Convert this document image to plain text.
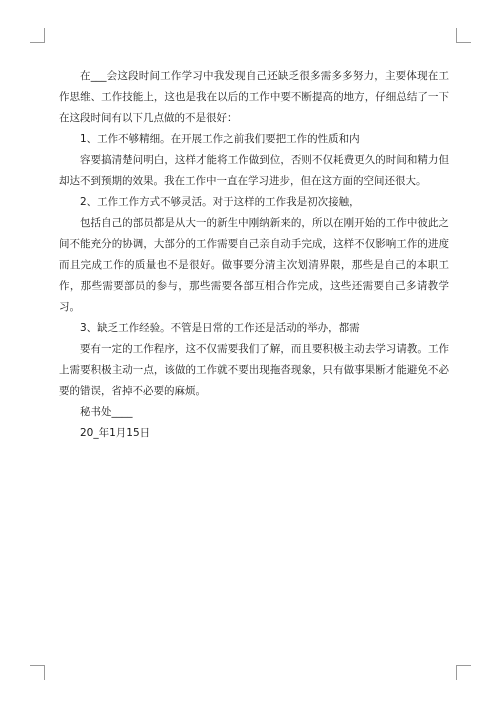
在___会这段时间工作学习中我发现自己还缺乏很多需多多努力，主要体现在工作思维、工作技能上，这也是我在以后的工作中要不断提高的地方，仔细总结了一下在这段时间有以下几点做的不是很好：

1、工作不够精细。在开展工作之前我们要把工作的性质和内

容要搞清楚问明白，这样才能将工作做到位，否则不仅耗费更久的时间和精力但却达不到预期的效果。我在工作中一直在学习进步，但在这方面的空间还很大。

2、工作工作方式不够灵活。对于这样的工作我是初次接触，

包括自己的部员都是从大一的新生中刚纳新来的，所以在刚开始的工作中彼此之间不能充分的协调，大部分的工作需要自己亲自动手完成，这样不仅影响工作的进度而且完成工作的质量也不是很好。做事要分清主次划清界限，那些是自己的本职工作，那些需要部员的参与，那些需要各部互相合作完成，这些还需要自己多请教学习。

3、缺乏工作经验。不管是日常的工作还是活动的举办，都需

要有一定的工作程序，这不仅需要我们了解，而且要积极主动去学习请教。工作上需要积极主动一点，该做的工作就不要出现拖沓现象，只有做事果断才能避免不必要的错误，省掉不必要的麻烦。

秘书处____

20_年1月15日
